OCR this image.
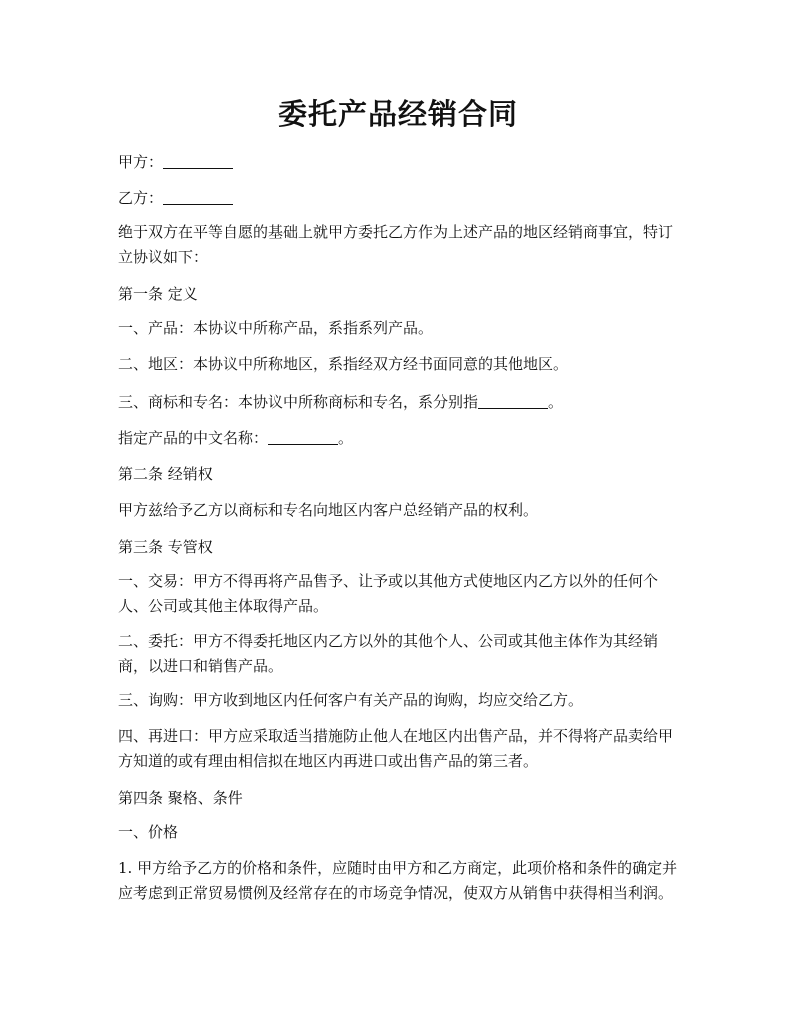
委托产品经销合同

甲方：

乙方：

绝于双方在平等自愿的基础上就甲方委托乙方作为上述产品的地区经销商事宜，特订立协议如下：

第一条 定义

一、产品：本协议中所称产品，系指系列产品。

二、地区：本协议中所称地区，系指经双方经书面同意的其他地区。

三、商标和专名：本协议中所称商标和专名，系分别指	。

指定产品的中文名称：	。

第二条 经销权

甲方兹给予乙方以商标和专名向地区内客户总经销产品的权利。

第三条 专管权

一、交易：甲方不得再将产品售予、让予或以其他方式使地区内乙方以外的任何个人、公司或其他主体取得产品。

二、委托：甲方不得委托地区内乙方以外的其他个人、公司或其他主体作为其经销商，以进口和销售产品。

三、询购：甲方收到地区内任何客户有关产品的询购，均应交给乙方。

四、再进口：甲方应采取适当措施防止他人在地区内出售产品，并不得将产品卖给甲方知道的或有理由相信拟在地区内再进口或出售产品的第三者。

第四条 聚格、条件

一、价格

1. 甲方给予乙方的价格和条件，应随时由甲方和乙方商定，此项价格和条件的确定并应考虑到正常贸易惯例及经常存在的市场竞争情况，使双方从销售中获得相当利润。
